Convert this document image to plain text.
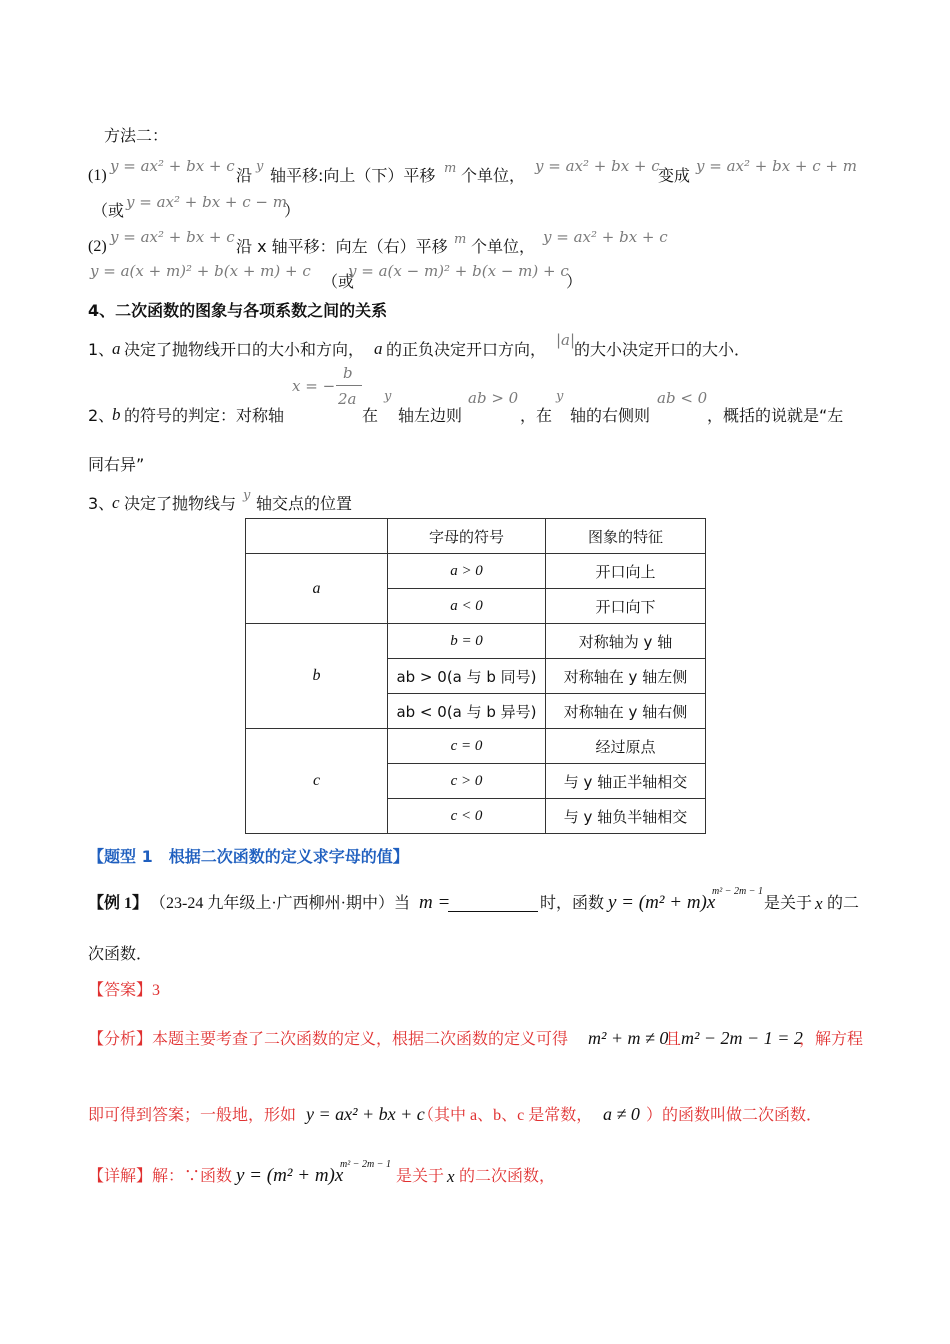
方法二：
(1)
y = ax² + bx + c 沿 y 轴平移:向上（下）平移 m 个单位， y = ax² + bx + c
变成 y = ax² + bx + c + m
（或 y = ax² + bx + c − m
）
(2)
y = ax² + bx + c 沿 x 轴平移：向左（右）平移 m 个单位， y = ax² + bx + c
y = a(x + m)² + b(x + m) + c
（或
y = a(x − m)² + b(x − m) + c
）
4、二次函数的图象与各项系数之间的关系
1、
a 决定了抛物线开口的大小和方向， a 的正负决定开口方向， |a|
的大小决定开口的大小．
2、
b 的符号的判定：对称轴
x = −
b
2a
在
y
轴左边则
ab > 0
，在
y
轴的右侧则
ab < 0
，概括的说就是“左
同右异”
3、
c 决定了抛物线与 y 轴交点的位置
	字母的符号	图象的特征
a	a > 0	开口向上
	a < 0	开口向下
b	b = 0	对称轴为 y 轴
	ab > 0(a 与 b 同号)	对称轴在 y 轴左侧
	ab < 0(a 与 b 异号)	对称轴在 y 轴右侧
c	c = 0	经过原点
	c > 0	与 y 轴正半轴相交
	c < 0	与 y 轴负半轴相交
【题型 1　根据二次函数的定义求字母的值】
【例 1】 （23-24 九年级上·广西柳州·期中）当 m =	时，函数 y = (m² + m)x
m² − 2m − 1
是关于 x 的二
次函数．
【答案】3
【分析】 本题主要考查了二次函数的定义，根据二次函数的定义可得 m² + m ≠ 0
且 m² − 2m − 1 = 2
，解方程
即可得到答案；一般地，形如 y = ax² + bx + c
（其中 a、b、c 是常数， a ≠ 0 ）的函数叫做二次函数．
【详解】 解：∵函数 y = (m² + m)x
m² − 2m − 1
是关于 x 的二次函数，
